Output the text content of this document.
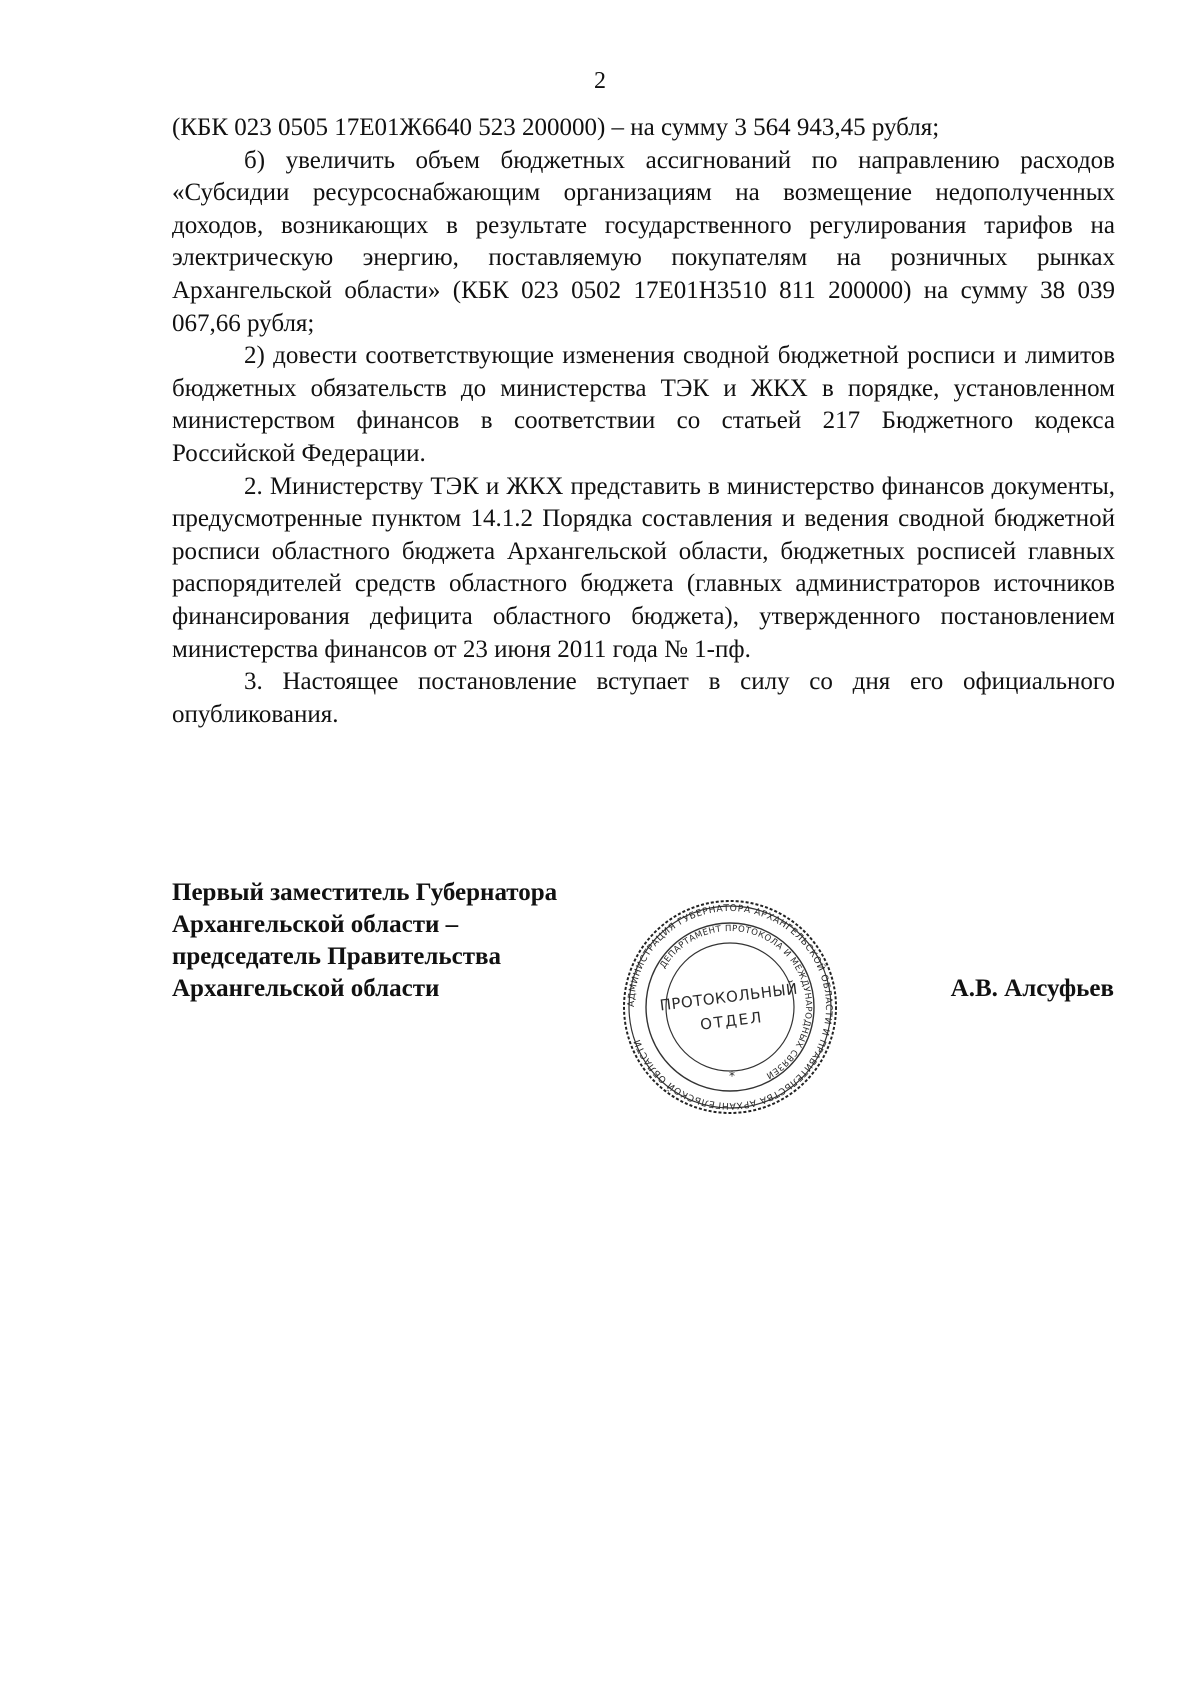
2

(КБК 023 0505 17Е01Ж6640 523 200000) – на сумму 3 564 943,45 рубля;

б) увеличить объем бюджетных ассигнований по направлению расходов «Субсидии ресурсоснабжающим организациям на возмещение недополученных доходов, возникающих в результате государственного регулирования тарифов на электрическую энергию, поставляемую покупателям на розничных рынках Архангельской области» (КБК 023 0502 17Е01Н3510 811 200000) на сумму 38 039 067,66 рубля;

2) довести соответствующие изменения сводной бюджетной росписи и лимитов бюджетных обязательств до министерства ТЭК и ЖКХ в порядке, установленном министерством финансов в соответствии со статьей 217 Бюджетного кодекса Российской Федерации.

2. Министерству ТЭК и ЖКХ представить в министерство финансов документы, предусмотренные пунктом 14.1.2 Порядка составления и ведения сводной бюджетной росписи областного бюджета Архангельской области, бюджетных росписей главных распорядителей средств областного бюджета (главных администраторов источников финансирования дефицита областного бюджета), утвержденного постановлением министерства финансов от 23 июня 2011 года № 1-пф.

3. Настоящее постановление вступает в силу со дня его официального опубликования.

Первый заместитель Губернатора
Архангельской области –
председатель Правительства
Архангельской области	А.В. Алсуфьев
АДМИНИСТРАЦИЯ ГУБЕРНАТОРА АРХАНГЕЛЬСКОЙ ОБЛАСТИ И ПРАВИТЕЛЬСТВА АРХАНГЕЛЬСКОЙ ОБЛАСТИ
ДЕПАРТАМЕНТ ПРОТОКОЛА И МЕЖДУНАРОДНЫХ СВЯЗЕЙ
ПРОТОКОЛЬНЫЙ
ОТДЕЛ
*
